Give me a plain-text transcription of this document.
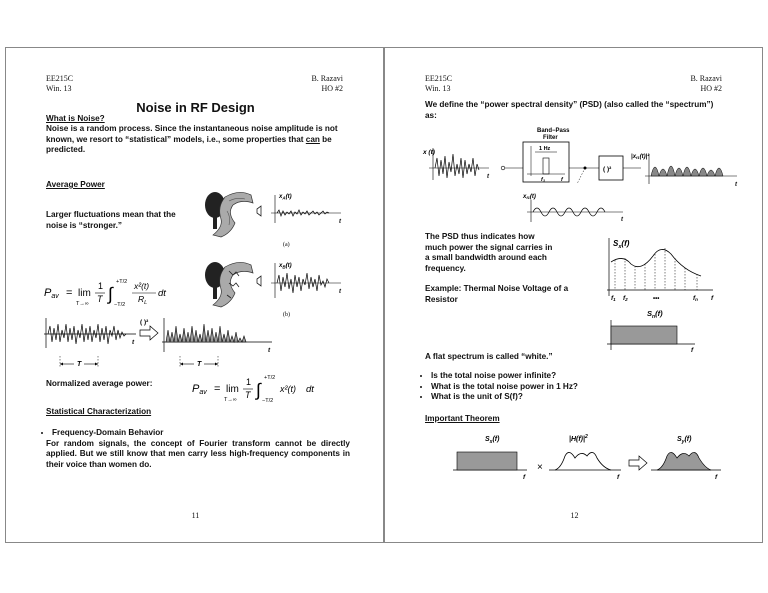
EE215C
Win. 13
B. Razavi
HO #2
Noise in RF Design
What is Noise?
Noise is a random process. Since the instantaneous noise amplitude is not known, we resort to “statistical” models, i.e., some properties that can be predicted.
Average Power
Larger fluctuations mean that the noise is “stronger.”
$x_A(t)$
t
(a)
$x_B(t)$
t
(b)
Pav = lim
T→∞
1
T ∫
+T/2
−T/2
x²(t)
$R_L$
dt
t
T
( )²
t
T
Normalized average power:	Pav = lim
T→∞
1
T ∫
+T/2
−T/2
x²(t) dt
Statistical Characterization
• Frequency-Domain Behavior
For random signals, the concept of Fourier transform cannot be directly applied. But we still know that men carry less high-frequency components in their voice than women do.
11
EE215C
Win. 13
B. Razavi
HO #2
We define the “power spectral density” (PSD) (also called the “spectrum”) as:
x (t)
t
Band−Pass
Filter
1 Hz
f1	f
( )²
|xf1(t)|²
t
xf1(t)
t
The PSD thus indicates how much power the signal carries in a small bandwidth around each frequency.
Example: Thermal Noise Voltage of a Resistor
$S_x(f)$
f1 f2	•••	fn f
$S_n(f)$
f
A flat spectrum is called “white.”
• Is the total noise power infinite?
• What is the total noise power in 1 Hz?
• What is the unit of S(f)?
Important Theorem
$S_x(f)$
f
×
$|H(f)|^2$
f
$S_y(f)$
f
12
